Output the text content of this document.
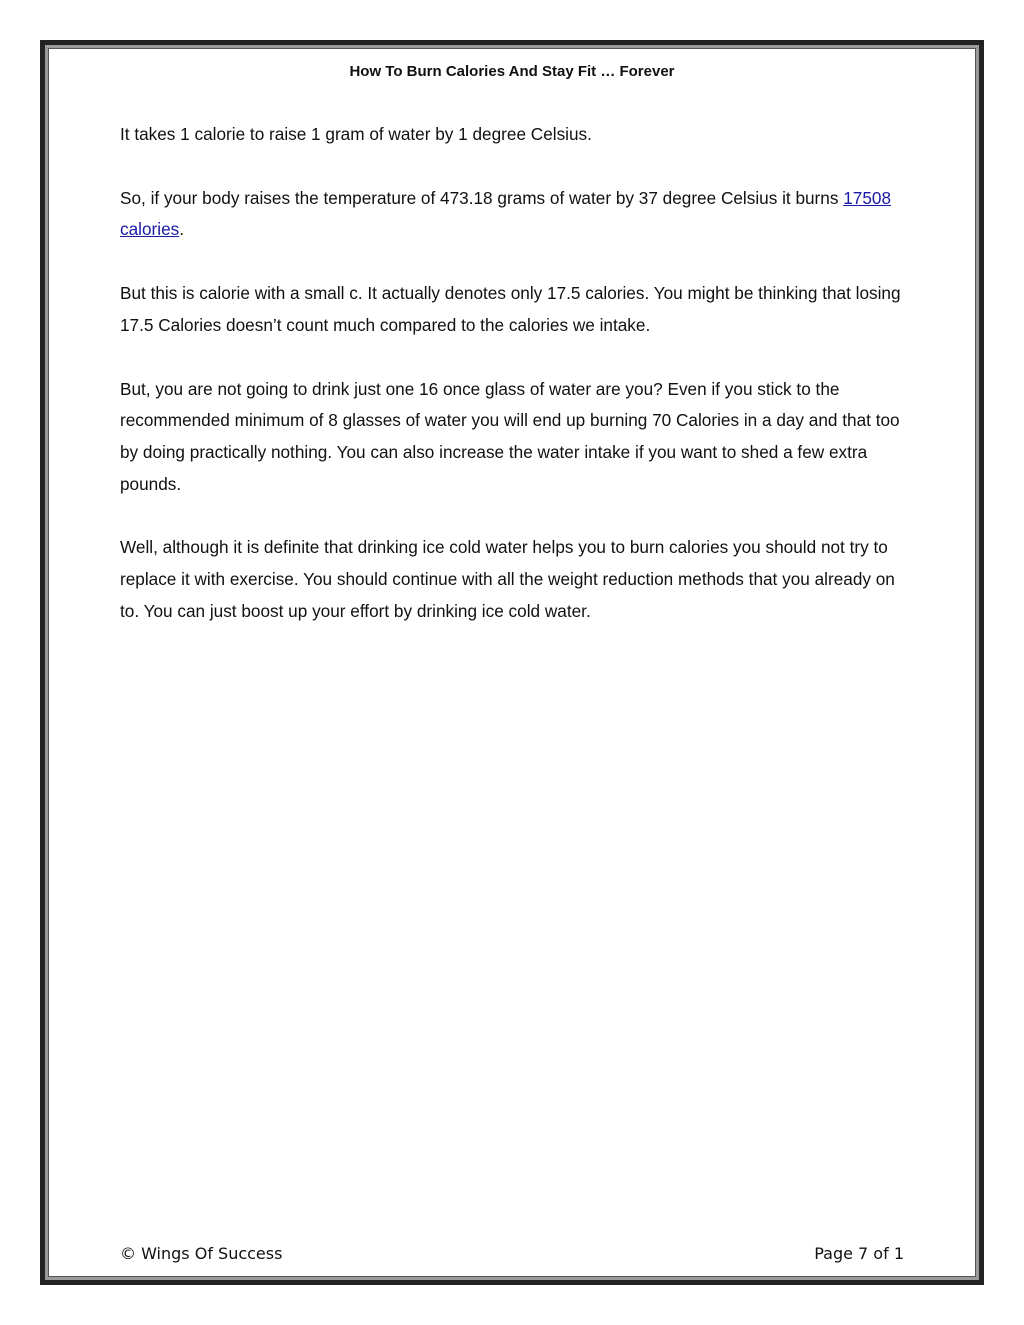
How To Burn Calories And Stay Fit … Forever

It takes 1 calorie to raise 1 gram of water by 1 degree Celsius.

So, if your body raises the temperature of 473.18 grams of water by 37 degree Celsius it burns 17508 calories.

But this is calorie with a small c. It actually denotes only 17.5 calories. You might be thinking that losing 17.5 Calories doesn’t count much compared to the calories we intake.

But, you are not going to drink just one 16 once glass of water are you? Even if you stick to the recommended minimum of 8 glasses of water you will end up burning 70 Calories in a day and that too by doing practically nothing. You can also increase the water intake if you want to shed a few extra pounds.

Well, although it is definite that drinking ice cold water helps you to burn calories you should not try to replace it with exercise. You should continue with all the weight reduction methods that you already on to. You can just boost up your effort by drinking ice cold water.

© Wings Of Success	Page 7 of 1
